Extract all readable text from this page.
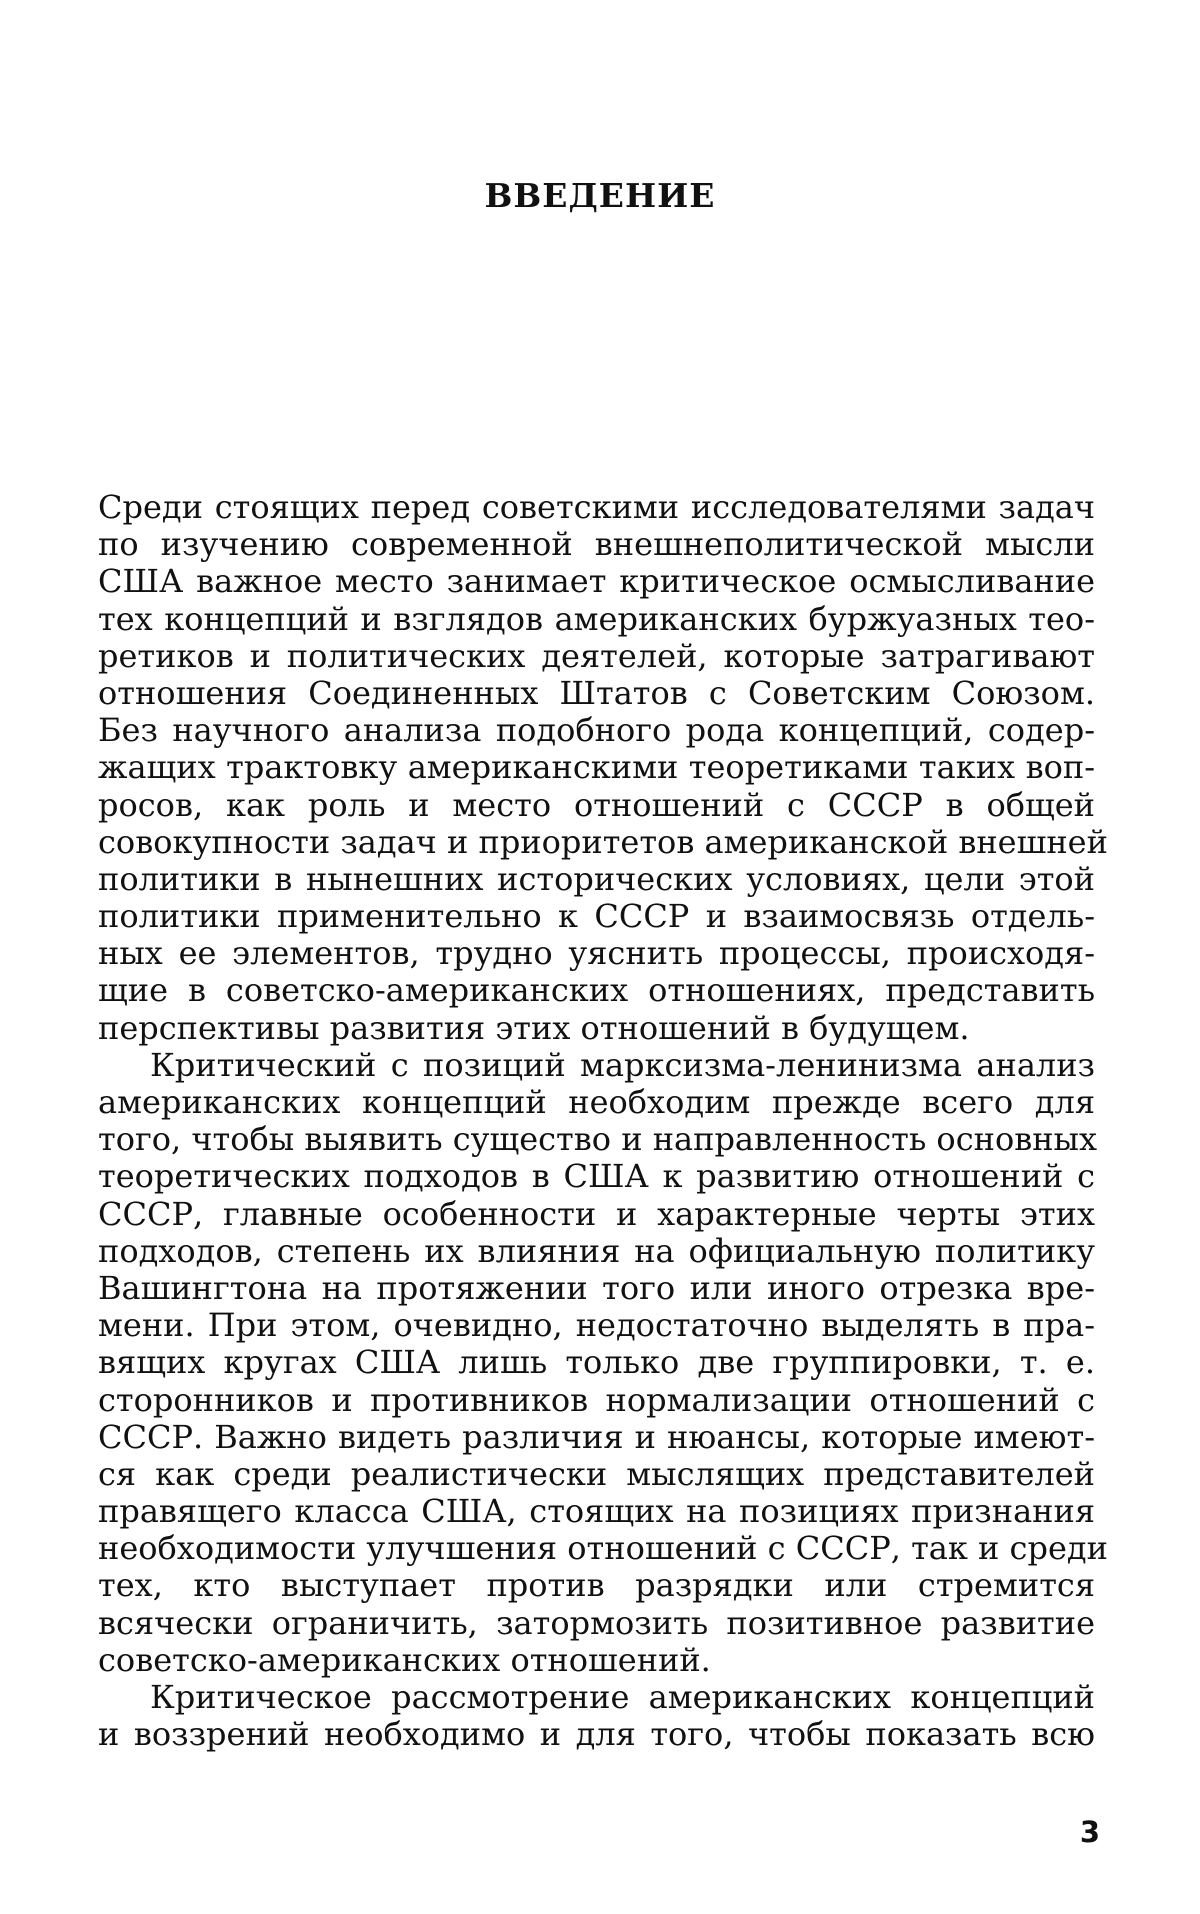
ВВЕДЕНИЕ
Среди стоящих перед советскими исследователями задач
по изучению современной внешнеполитической мысли
США важное место занимает критическое осмысливание
тех концепций и взглядов американских буржуазных тео-
ретиков и политических деятелей, которые затрагивают
отношения Соединенных Штатов с Советским Союзом.
Без научного анализа подобного рода концепций, содер-
жащих трактовку американскими теоретиками таких воп-
росов, как роль и место отношений с СССР в общей
совокупности задач и приоритетов американской внешней
политики в нынешних исторических условиях, цели этой
политики применительно к СССР и взаимосвязь отдель-
ных ее элементов, трудно уяснить процессы, происходя-
щие в советско-американских отношениях, представить
перспективы развития этих отношений в будущем.
Критический с позиций марксизма-ленинизма анализ
американских концепций необходим прежде всего для
того, чтобы выявить существо и направленность основных
теоретических подходов в США к развитию отношений с
СССР, главные особенности и характерные черты этих
подходов, степень их влияния на официальную политику
Вашингтона на протяжении того или иного отрезка вре-
мени. При этом, очевидно, недостаточно выделять в пра-
вящих кругах США лишь только две группировки, т. е.
сторонников и противников нормализации отношений с
СССР. Важно видеть различия и нюансы, которые имеют-
ся как среди реалистически мыслящих представителей
правящего класса США, стоящих на позициях признания
необходимости улучшения отношений с СССР, так и среди
тех, кто выступает против разрядки или стремится
всячески ограничить, затормозить позитивное развитие
советско-американских отношений.
Критическое рассмотрение американских концепций
и воззрений необходимо и для того, чтобы показать всю
3
